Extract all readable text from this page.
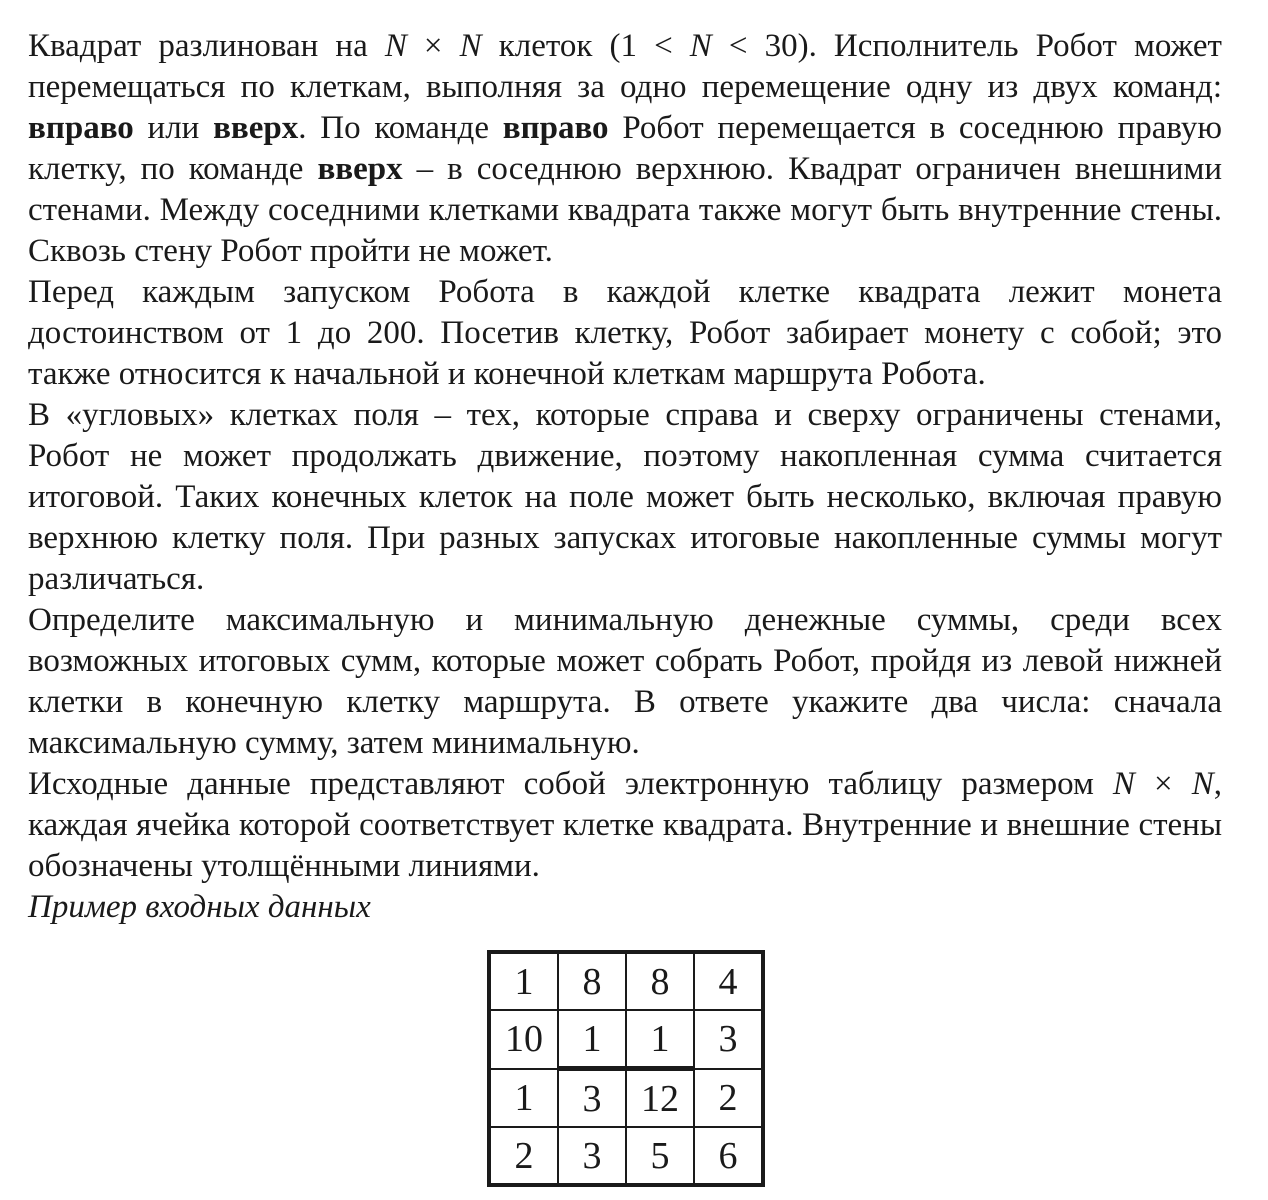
Квадрат разлинован на N × N клеток (1 < N < 30). Исполнитель Робот может перемещаться по клеткам, выполняя за одно перемещение одну из двух команд: вправо или вверх. По команде вправо Робот перемещается в соседнюю правую клетку, по команде вверх – в соседнюю верхнюю. Квадрат ограничен внешними стенами. Между соседними клетками квадрата также могут быть внутренние стены. Сквозь стену Робот пройти не может.

Перед каждым запуском Робота в каждой клетке квадрата лежит монета достоинством от 1 до 200. Посетив клетку, Робот забирает монету с собой; это также относится к начальной и конечной клеткам маршрута Робота.

В «угловых» клетках поля – тех, которые справа и сверху ограничены стенами, Робот не может продолжать движение, поэтому накопленная сумма считается итоговой. Таких конечных клеток на поле может быть несколько, включая правую верхнюю клетку поля. При разных запусках итоговые накопленные суммы могут различаться.

Определите максимальную и минимальную денежные суммы, среди всех возможных итоговых сумм, которые может собрать Робот, пройдя из левой нижней клетки в конечную клетку маршрута. В ответе укажите два числа: сначала максимальную сумму, затем минимальную.

Исходные данные представляют собой электронную таблицу размером N × N, каждая ячейка которой соответствует клетке квадрата. Внутренние и внешние стены обозначены утолщёнными линиями.

Пример входных данных

1	8	8	4
10	1	1	3
1	3	12	2
2	3	5	6
